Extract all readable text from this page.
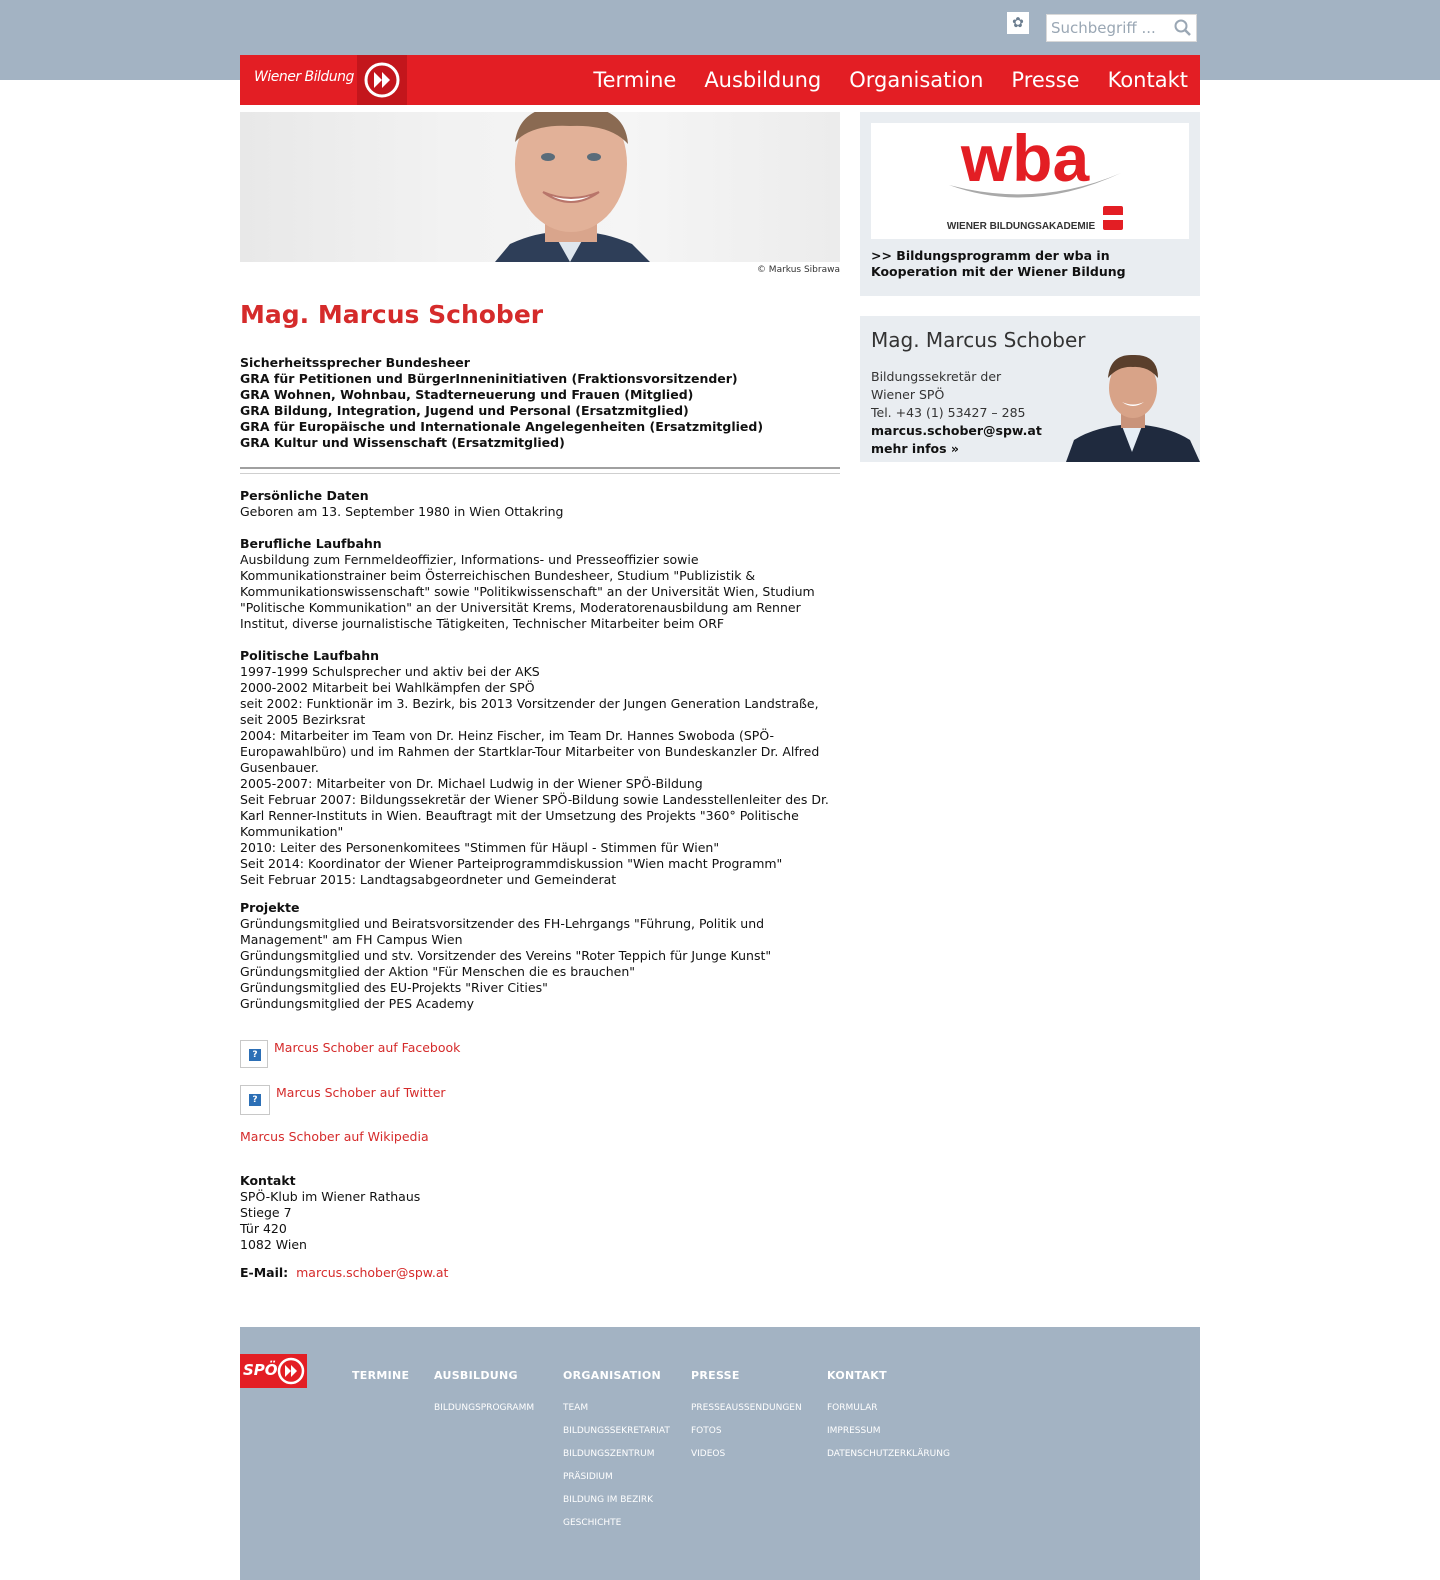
✿
Suchbegriff ...
Wiener Bildung	Termine Ausbildung Organisation Presse Kontakt
© Markus Sibrawa
Mag. Marcus Schober
Sicherheitssprecher Bundesheer
GRA für Petitionen und BürgerInneninitiativen (Fraktionsvorsitzender)
GRA Wohnen, Wohnbau, Stadterneuerung und Frauen (Mitglied)
GRA Bildung, Integration, Jugend und Personal (Ersatzmitglied)
GRA für Europäische und Internationale Angelegenheiten (Ersatzmitglied)
GRA Kultur und Wissenschaft (Ersatzmitglied)
Persönliche Daten
Geboren am 13. September 1980 in Wien Ottakring
Berufliche Laufbahn
Ausbildung zum Fernmeldeoffizier, Informations- und Presseoffizier sowie Kommunikationstrainer beim Österreichischen Bundesheer, Studium "Publizistik & Kommunikationswissenschaft" sowie "Politikwissenschaft" an der Universität Wien, Studium "Politische Kommunikation" an der Universität Krems, Moderatorenausbildung am Renner Institut, diverse journalistische Tätigkeiten, Technischer Mitarbeiter beim ORF
Politische Laufbahn
1997-1999 Schulsprecher und aktiv bei der AKS
2000-2002 Mitarbeit bei Wahlkämpfen der SPÖ
seit 2002: Funktionär im 3. Bezirk, bis 2013 Vorsitzender der Jungen Generation Landstraße, seit 2005 Bezirksrat
2004: Mitarbeiter im Team von Dr. Heinz Fischer, im Team Dr. Hannes Swoboda (SPÖ-Europawahlbüro) und im Rahmen der Startklar-Tour Mitarbeiter von Bundeskanzler Dr. Alfred Gusenbauer.
2005-2007: Mitarbeiter von Dr. Michael Ludwig in der Wiener SPÖ-Bildung
Seit Februar 2007: Bildungssekretär der Wiener SPÖ-Bildung sowie Landesstellenleiter des Dr. Karl Renner-Instituts in Wien. Beauftragt mit der Umsetzung des Projekts "360° Politische Kommunikation"
2010: Leiter des Personenkomitees "Stimmen für Häupl - Stimmen für Wien"
Seit 2014: Koordinator der Wiener Parteiprogrammdiskussion "Wien macht Programm"
Seit Februar 2015: Landtagsabgeordneter und Gemeinderat
Projekte
Gründungsmitglied und Beiratsvorsitzender des FH-Lehrgangs "Führung, Politik und Management" am FH Campus Wien
Gründungsmitglied und stv. Vorsitzender des Vereins "Roter Teppich für Junge Kunst"
Gründungsmitglied der Aktion "Für Menschen die es brauchen"
Gründungsmitglied des EU-Projekts "River Cities"
Gründungsmitglied der PES Academy
?
Marcus Schober auf Facebook
?
Marcus Schober auf Twitter
Marcus Schober auf Wikipedia
Kontakt
SPÖ-Klub im Wiener Rathaus
Stiege 7
Tür 420
1082 Wien
E-Mail: marcus.schober@spw.at
wba
WIENER BILDUNGSAKADEMIE
>> Bildungsprogramm der wba in Kooperation mit der Wiener Bildung
Mag. Marcus Schober
Bildungssekretär der
Wiener SPÖ
Tel. +43 (1) 53427 – 285
marcus.schober@spw.at
mehr infos »
SPÖ	TERMINE AUSBILDUNG
BILDUNGSPROGRAMM
ORGANISATION
TEAM
BILDUNGSSEKRETARIAT
BILDUNGSZENTRUM
PRÄSIDIUM
BILDUNG IM BEZIRK
GESCHICHTE
PRESSE
PRESSEAUSSENDUNGEN
FOTOS
VIDEOS
KONTAKT
FORMULAR
IMPRESSUM
DATENSCHUTZERKLÄRUNG
